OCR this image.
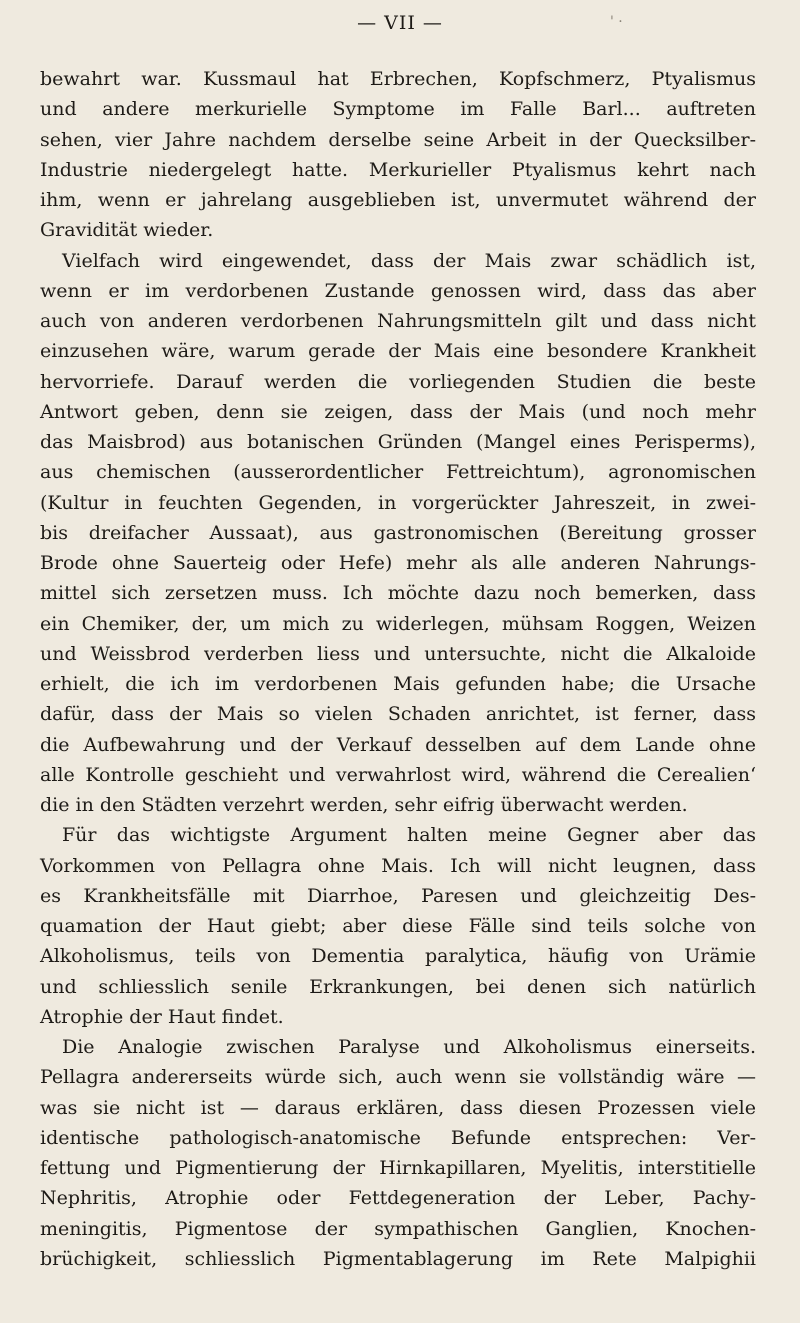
— VII —	' ·
bewahrt war. Kussmaul hat Erbrechen, Kopfschmerz, Ptyalismus
und andere merkurielle Symptome im Falle Barl... auftreten
sehen, vier Jahre nachdem derselbe seine Arbeit in der Quecksilber-
Industrie niedergelegt hatte. Merkurieller Ptyalismus kehrt nach
ihm, wenn er jahrelang ausgeblieben ist, unvermutet während der
Gravidität wieder.
Vielfach wird eingewendet, dass der Mais zwar schädlich ist,
wenn er im verdorbenen Zustande genossen wird, dass das aber
auch von anderen verdorbenen Nahrungsmitteln gilt und dass nicht
einzusehen wäre, warum gerade der Mais eine besondere Krankheit
hervorriefe. Darauf werden die vorliegenden Studien die beste
Antwort geben, denn sie zeigen, dass der Mais (und noch mehr
das Maisbrod) aus botanischen Gründen (Mangel eines Perisperms),
aus chemischen (ausserordentlicher Fettreichtum), agronomischen
(Kultur in feuchten Gegenden, in vorgerückter Jahreszeit, in zwei-
bis dreifacher Aussaat), aus gastronomischen (Bereitung grosser
Brode ohne Sauerteig oder Hefe) mehr als alle anderen Nahrungs-
mittel sich zersetzen muss. Ich möchte dazu noch bemerken, dass
ein Chemiker, der, um mich zu widerlegen, mühsam Roggen, Weizen
und Weissbrod verderben liess und untersuchte, nicht die Alkaloide
erhielt, die ich im verdorbenen Mais gefunden habe; die Ursache
dafür, dass der Mais so vielen Schaden anrichtet, ist ferner, dass
die Aufbewahrung und der Verkauf desselben auf dem Lande ohne
alle Kontrolle geschieht und verwahrlost wird, während die Cerealien‘
die in den Städten verzehrt werden, sehr eifrig überwacht werden.
Für das wichtigste Argument halten meine Gegner aber das
Vorkommen von Pellagra ohne Mais. Ich will nicht leugnen, dass
es Krankheitsfälle mit Diarrhoe, Paresen und gleichzeitig Des-
quamation der Haut giebt; aber diese Fälle sind teils solche von
Alkoholismus, teils von Dementia paralytica, häufig von Urämie
und schliesslich senile Erkrankungen, bei denen sich natürlich
Atrophie der Haut findet.
Die Analogie zwischen Paralyse und Alkoholismus einerseits.
Pellagra andererseits würde sich, auch wenn sie vollständig wäre —
was sie nicht ist — daraus erklären, dass diesen Prozessen viele
identische pathologisch-anatomische Befunde entsprechen: Ver-
fettung und Pigmentierung der Hirnkapillaren, Myelitis, interstitielle
Nephritis, Atrophie oder Fettdegeneration der Leber, Pachy-
meningitis, Pigmentose der sympathischen Ganglien, Knochen-
brüchigkeit, schliesslich Pigmentablagerung im Rete Malpighii
